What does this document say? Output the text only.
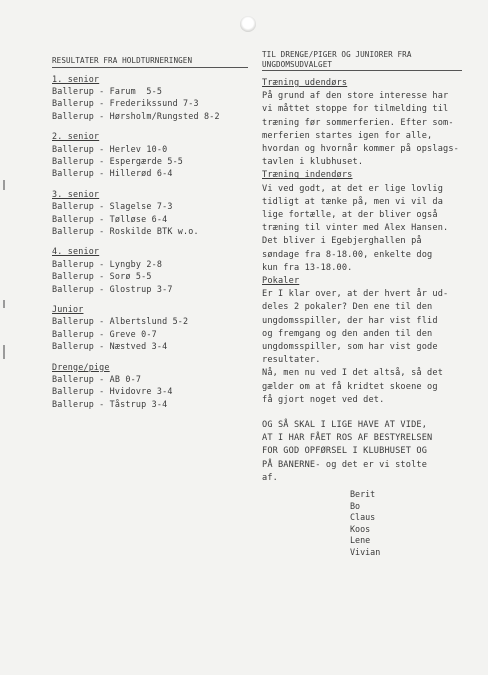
RESULTATER FRA HOLDTURNERINGEN
1. senior
Ballerup - Farum  5-5
Ballerup - Frederikssund 7-3
Ballerup - Hørsholm/Rungsted 8-2
2. senior
Ballerup - Herlev 10-0
Ballerup - Espergærde 5-5
Ballerup - Hillerød 6-4
3. senior
Ballerup - Slagelse 7-3
Ballerup - Tølløse 6-4
Ballerup - Roskilde BTK w.o.
4. senior
Ballerup - Lyngby 2-8
Ballerup - Sorø 5-5
Ballerup - Glostrup 3-7
Junior
Ballerup - Albertslund 5-2
Ballerup - Greve 0-7
Ballerup - Næstved 3-4
Drenge/pige
Ballerup - AB 0-7
Ballerup - Hvidovre 3-4
Ballerup - Tåstrup 3-4
TIL DRENGE/PIGER OG JUNIORER FRA
UNGDOMSUDVALGET
Træning udendørs
På grund af den store interesse har
vi måttet stoppe for tilmelding til
træning før sommerferien. Efter som-
merferien startes igen for alle,
hvordan og hvornår kommer på opslags-
tavlen i klubhuset.
Træning indendørs
Vi ved godt, at det er lige lovlig
tidligt at tænke på, men vi vil da
lige fortælle, at der bliver også
træning til vinter med Alex Hansen.
Det bliver i Egebjerghallen på
søndage fra 8-18.00, enkelte dog
kun fra 13-18.00.
Pokaler
Er I klar over, at der hvert år ud-
deles 2 pokaler? Den ene til den
ungdomsspiller, der har vist flid
og fremgang og den anden til den
ungdomsspiller, som har vist gode
resultater.
Nå, men nu ved I det altså, så det
gælder om at få kridtet skoene og
få gjort noget ved det.
OG SÅ SKAL I LIGE HAVE AT VIDE,
AT I HAR FÅET ROS AF BESTYRELSEN
FOR GOD OPFØRSEL I KLUBHUSET OG
PÅ BANERNE- og det er vi stolte
af.
Berit
Bo
Claus
Koos
Lene
Vivian
